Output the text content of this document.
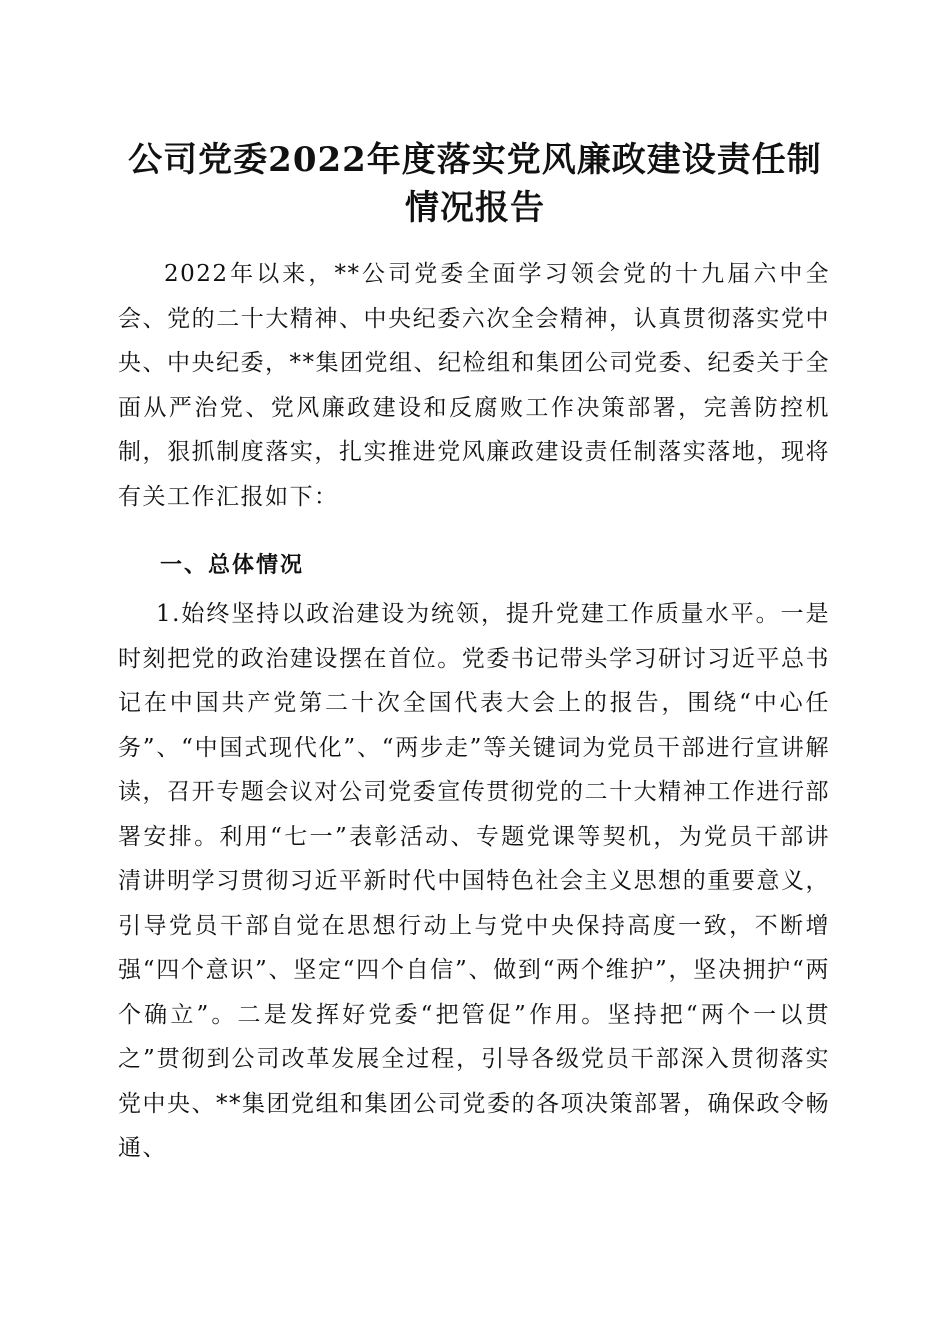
公司党委2022年度落实党风廉政建设责任制
情况报告

2022年以来，**公司党委全面学习领会党的十九届六中全会、党的二十大精神、中央纪委六次全会精神，认真贯彻落实党中央、中央纪委，**集团党组、纪检组和集团公司党委、纪委关于全面从严治党、党风廉政建设和反腐败工作决策部署，完善防控机制，狠抓制度落实，扎实推进党风廉政建设责任制落实落地，现将有关工作汇报如下：

一、总体情况

1.始终坚持以政治建设为统领，提升党建工作质量水平。一是时刻把党的政治建设摆在首位。党委书记带头学习研讨习近平总书记在中国共产党第二十次全国代表大会上的报告，围绕“中心任务”、“中国式现代化”、“两步走”等关键词为党员干部进行宣讲解读，召开专题会议对公司党委宣传贯彻党的二十大精神工作进行部署安排。利用“七一”表彰活动、专题党课等契机，为党员干部讲清讲明学习贯彻习近平新时代中国特色社会主义思想的重要意义，引导党员干部自觉在思想行动上与党中央保持高度一致，不断增强“四个意识”、坚定“四个自信”、做到“两个维护”，坚决拥护“两个确立”。二是发挥好党委“把管促”作用。坚持把“两个一以贯之”贯彻到公司改革发展全过程，引导各级党员干部深入贯彻落实党中央、**集团党组和集团公司党委的各项决策部署，确保政令畅通、
